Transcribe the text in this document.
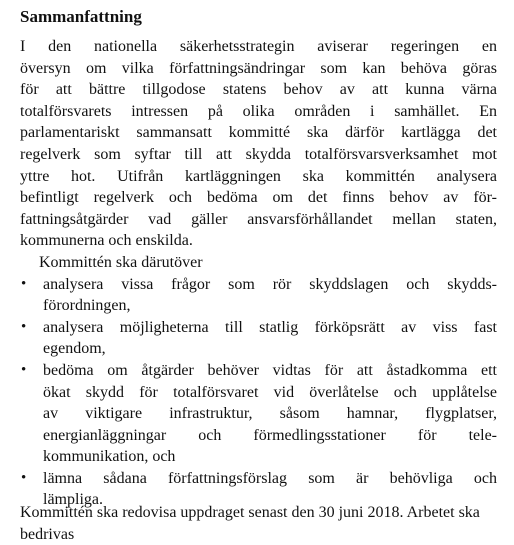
Sammanfattning
I den nationella säkerhetsstrategin aviserar regeringen en
översyn om vilka författningsändringar som kan behöva göras
för att bättre tillgodose statens behov av att kunna värna
totalförsvarets intressen på olika områden i samhället. En
parlamentariskt sammansatt kommitté ska därför kartlägga det
regelverk som syftar till att skydda totalförsvarsverksamhet mot
yttre hot. Utifrån kartläggningen ska kommittén analysera
befintligt regelverk och bedöma om det finns behov av för-
fattningsåtgärder vad gäller ansvarsförhållandet mellan staten,
kommunerna och enskilda.
Kommittén ska därutöver
• analysera vissa frågor som rör skyddslagen och skydds-
förordningen,
• analysera möjligheterna till statlig förköpsrätt av viss fast
egendom,
• bedöma om åtgärder behöver vidtas för att åstadkomma ett
ökat skydd för totalförsvaret vid överlåtelse och upplåtelse
av viktigare infrastruktur, såsom hamnar, flygplatser,
energianläggningar och förmedlingsstationer för tele-
kommunikation, och
• lämna sådana författningsförslag som är behövliga och
lämpliga.
Kommittén ska redovisa uppdraget senast den 30 juni 2018. Arbetet ska bedrivas
